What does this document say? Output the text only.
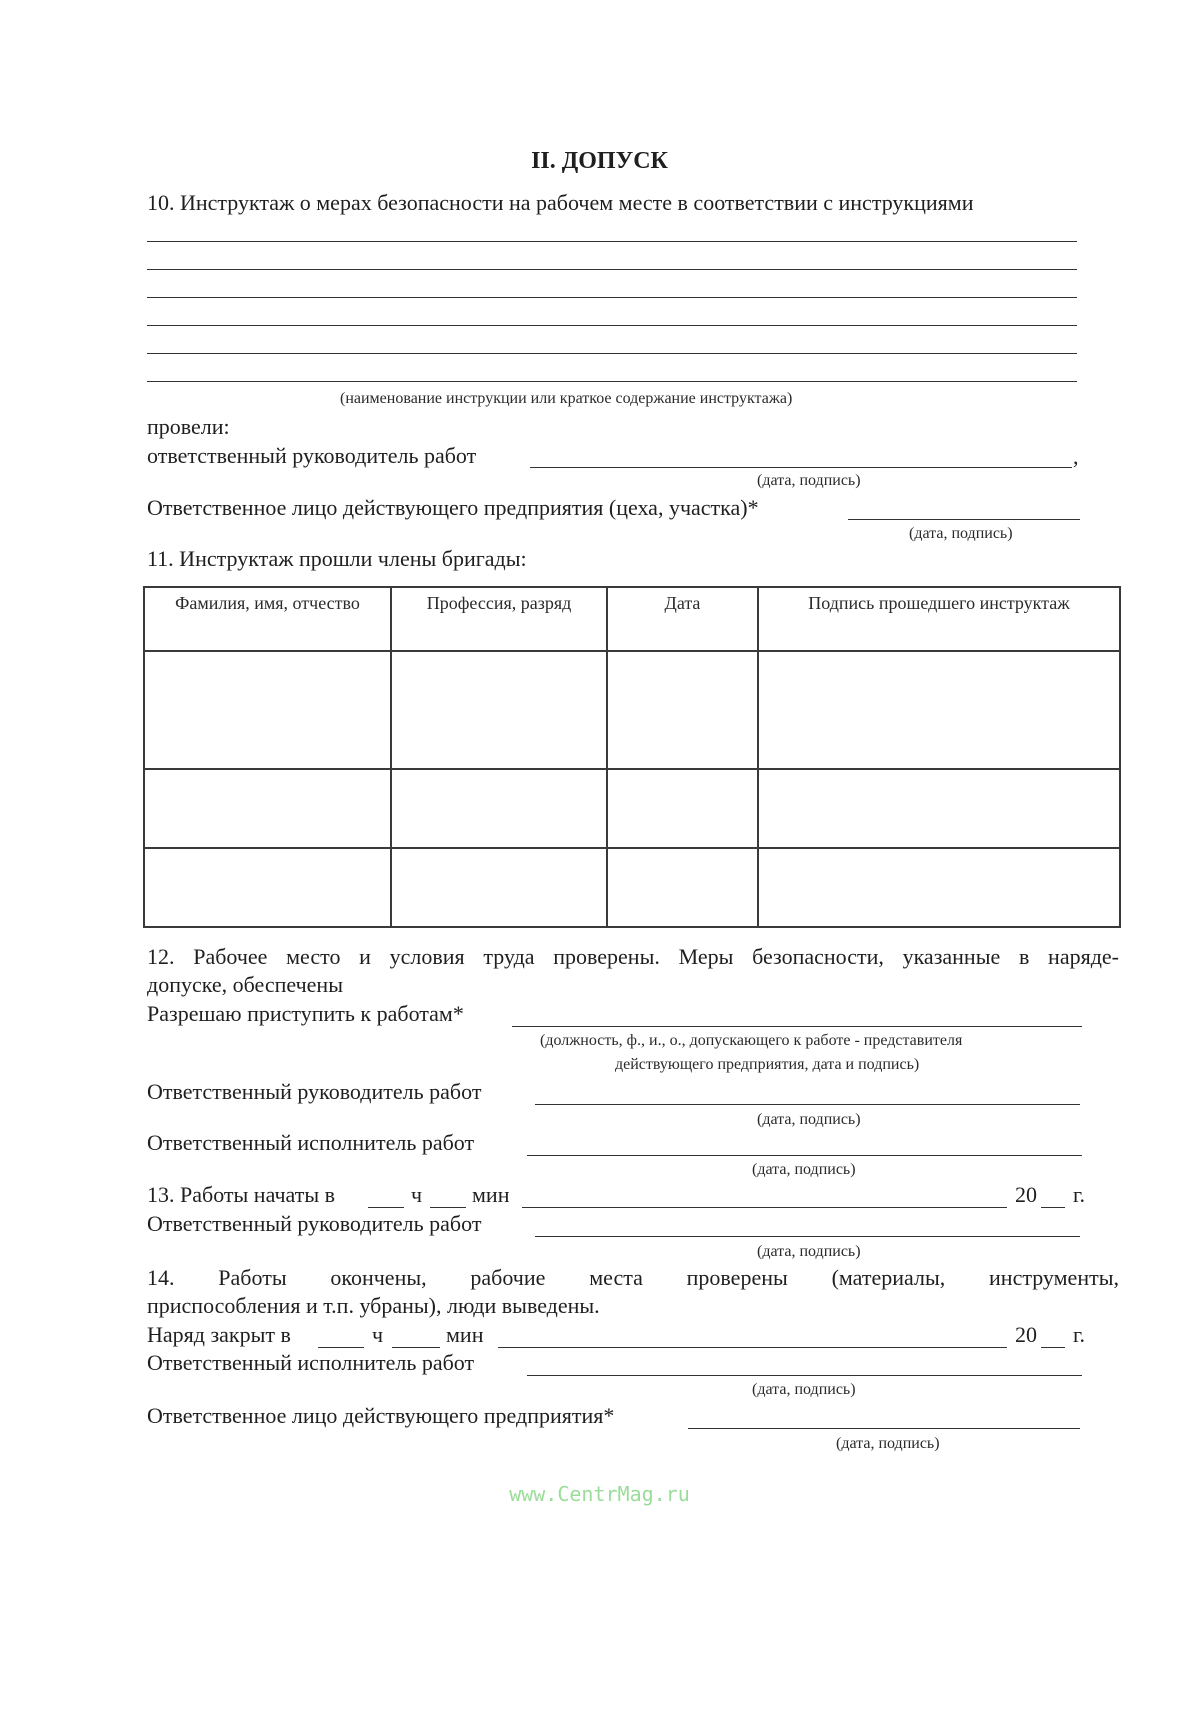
II. ДОПУСК
10. Инструктаж о мерах безопасности на рабочем месте в соответствии с инструкциями
(наименование инструкции или краткое содержание инструктажа)
провели:
ответственный руководитель работ	,
(дата, подпись)
Ответственное лицо действующего предприятия (цеха, участка)*
(дата, подпись)
11. Инструктаж прошли члены бригады:
Фамилия, имя, отчество	Профессия, разряд	Дата	Подпись прошедшего инструктаж

12. Рабочее место и условия труда проверены. Меры безопасности, указанные в наряде-
допуске, обеспечены
Разрешаю приступить к работам*
(должность, ф., и., о., допускающего к работе - представителя
действующего предприятия, дата и подпись)
Ответственный руководитель работ
(дата, подпись)
Ответственный исполнитель работ
(дата, подпись)
13. Работы начаты в	ч мин	20 г.
Ответственный руководитель работ
(дата, подпись)
14. Работы окончены, рабочие места проверены (материалы, инструменты,
приспособления и т.п. убраны), люди выведены.
Наряд закрыт в	ч	мин	20 г.
Ответственный исполнитель работ
(дата, подпись)
Ответственное лицо действующего предприятия*
(дата, подпись)
www.CentrMag.ru
